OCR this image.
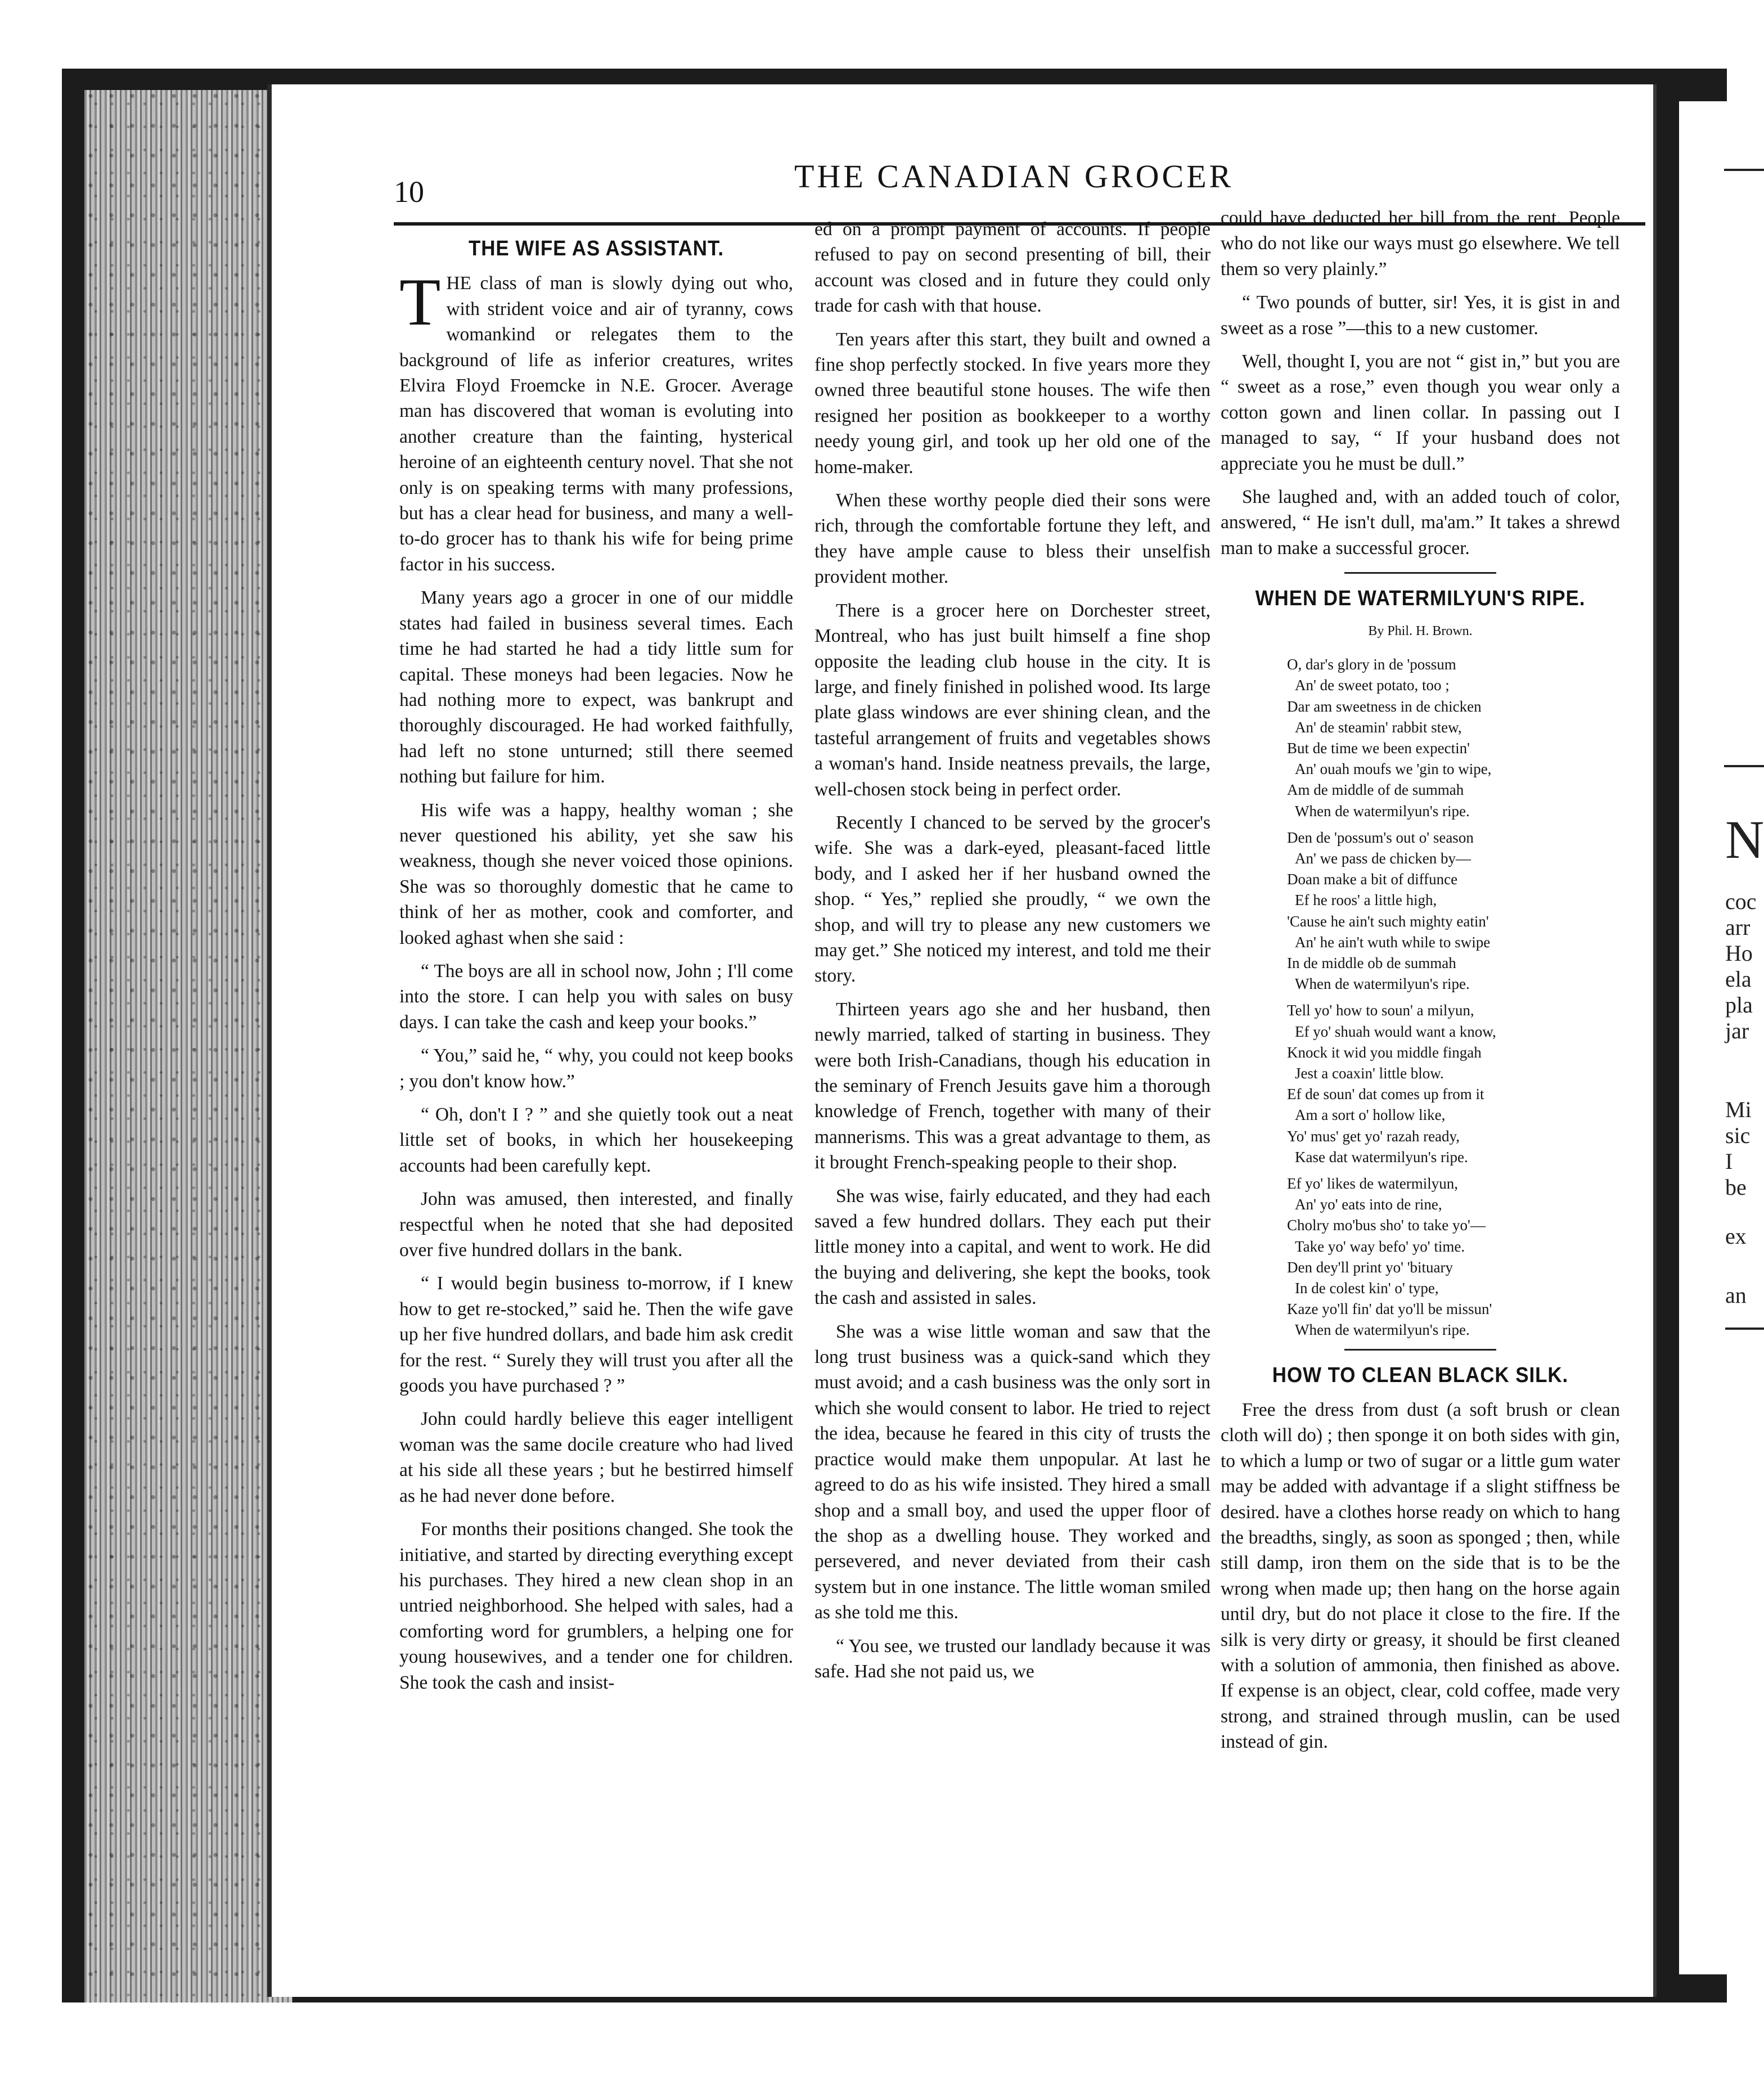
N
coc
arr
Ho
ela
pla
jar
Mi
sic
I
be
ex
an
10	THE CANADIAN GROCER
THE WIFE AS ASSISTANT.

THE class of man is slowly dying out who, with strident voice and air of tyranny, cows womankind or relegates them to the background of life as inferior creatures, writes Elvira Floyd Froemcke in N.E. Grocer. Average man has discovered that woman is evoluting into another creature than the fainting, hysterical heroine of an eighteenth century novel. That she not only is on speaking terms with many professions, but has a clear head for business, and many a well-to-do grocer has to thank his wife for being prime factor in his success.

Many years ago a grocer in one of our middle states had failed in business several times. Each time he had started he had a tidy little sum for capital. These moneys had been legacies. Now he had nothing more to expect, was bankrupt and thoroughly discouraged. He had worked faithfully, had left no stone unturned; still there seemed nothing but failure for him.

His wife was a happy, healthy woman ; she never questioned his ability, yet she saw his weakness, though she never voiced those opinions. She was so thoroughly domestic that he came to think of her as mother, cook and comforter, and looked aghast when she said :

“ The boys are all in school now, John ; I'll come into the store. I can help you with sales on busy days. I can take the cash and keep your books.”

“ You,” said he, “ why, you could not keep books ; you don't know how.”

“ Oh, don't I ? ” and she quietly took out a neat little set of books, in which her housekeeping accounts had been carefully kept.

John was amused, then interested, and finally respectful when he noted that she had deposited over five hundred dollars in the bank.

“ I would begin business to-morrow, if I knew how to get re-stocked,” said he. Then the wife gave up her five hundred dollars, and bade him ask credit for the rest. “ Surely they will trust you after all the goods you have purchased ? ”

John could hardly believe this eager intelligent woman was the same docile creature who had lived at his side all these years ; but he bestirred himself as he had never done before.

For months their positions changed. She took the initiative, and started by directing everything except his purchases. They hired a new clean shop in an untried neighborhood. She helped with sales, had a comforting word for grumblers, a helping one for young housewives, and a tender one for children. She took the cash and insist-

ed on a prompt payment of accounts. If people refused to pay on second presenting of bill, their account was closed and in future they could only trade for cash with that house.

Ten years after this start, they built and owned a fine shop perfectly stocked. In five years more they owned three beautiful stone houses. The wife then resigned her position as bookkeeper to a worthy needy young girl, and took up her old one of the home-maker.

When these worthy people died their sons were rich, through the comfortable fortune they left, and they have ample cause to bless their unselfish provident mother.

There is a grocer here on Dorchester street, Montreal, who has just built himself a fine shop opposite the leading club house in the city. It is large, and finely finished in polished wood. Its large plate glass windows are ever shining clean, and the tasteful arrangement of fruits and vegetables shows a woman's hand. Inside neatness prevails, the large, well-chosen stock being in perfect order.

Recently I chanced to be served by the grocer's wife. She was a dark-eyed, pleasant-faced little body, and I asked her if her husband owned the shop. “ Yes,” replied she proudly, “ we own the shop, and will try to please any new customers we may get.” She noticed my interest, and told me their story.

Thirteen years ago she and her husband, then newly married, talked of starting in business. They were both Irish-Canadians, though his education in the seminary of French Jesuits gave him a thorough knowledge of French, together with many of their mannerisms. This was a great advantage to them, as it brought French-speaking people to their shop.

She was wise, fairly educated, and they had each saved a few hundred dollars. They each put their little money into a capital, and went to work. He did the buying and delivering, she kept the books, took the cash and assisted in sales.

She was a wise little woman and saw that the long trust business was a quick-sand which they must avoid; and a cash business was the only sort in which she would consent to labor. He tried to reject the idea, because he feared in this city of trusts the practice would make them unpopular. At last he agreed to do as his wife insisted. They hired a small shop and a small boy, and used the upper floor of the shop as a dwelling house. They worked and persevered, and never deviated from their cash system but in one instance. The little woman smiled as she told me this.

“ You see, we trusted our landlady because it was safe. Had she not paid us, we

could have deducted her bill from the rent. People who do not like our ways must go elsewhere. We tell them so very plainly.”

“ Two pounds of butter, sir! Yes, it is gist in and sweet as a rose ”—this to a new customer.

Well, thought I, you are not “ gist in,” but you are “ sweet as a rose,” even though you wear only a cotton gown and linen collar. In passing out I managed to say, “ If your husband does not appreciate you he must be dull.”

She laughed and, with an added touch of color, answered, “ He isn't dull, ma'am.” It takes a shrewd man to make a successful grocer.

WHEN DE WATERMILYUN'S RIPE.
By Phil. H. Brown.
O, dar's glory in de 'possum
An' de sweet potato, too ;
Dar am sweetness in de chicken
An' de steamin' rabbit stew,
But de time we been expectin'
An' ouah moufs we 'gin to wipe,
Am de middle of de summah
When de watermilyun's ripe.
Den de 'possum's out o' season
An' we pass de chicken by—
Doan make a bit of diffunce
Ef he roos' a little high,
'Cause he ain't such mighty eatin'
An' he ain't wuth while to swipe
In de middle ob de summah
When de watermilyun's ripe.
Tell yo' how to soun' a milyun,
Ef yo' shuah would want a know,
Knock it wid you middle fingah
Jest a coaxin' little blow.
Ef de soun' dat comes up from it
Am a sort o' hollow like,
Yo' mus' get yo' razah ready,
Kase dat watermilyun's ripe.
Ef yo' likes de watermilyun,
An' yo' eats into de rine,
Cholry mo'bus sho' to take yo'—
Take yo' way befo' yo' time.
Den dey'll print yo' 'bituary
In de colest kin' o' type,
Kaze yo'll fin' dat yo'll be missun'
When de watermilyun's ripe.
HOW TO CLEAN BLACK SILK.

Free the dress from dust (a soft brush or clean cloth will do) ; then sponge it on both sides with gin, to which a lump or two of sugar or a little gum water may be added with advantage if a slight stiffness be desired. have a clothes horse ready on which to hang the breadths, singly, as soon as sponged ; then, while still damp, iron them on the side that is to be the wrong when made up; then hang on the horse again until dry, but do not place it close to the fire. If the silk is very dirty or greasy, it should be first cleaned with a solution of ammonia, then finished as above. If expense is an object, clear, cold coffee, made very strong, and strained through muslin, can be used instead of gin.
